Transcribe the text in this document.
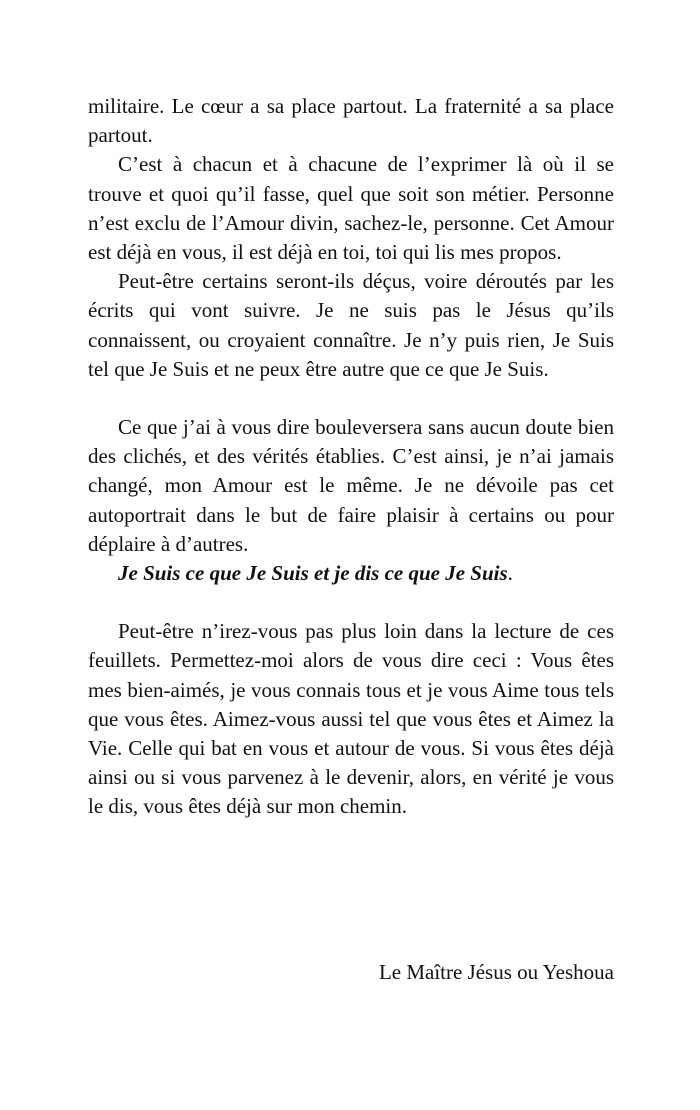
militaire. Le cœur a sa place partout. La fraternité a sa place partout.

C’est à chacun et à chacune de l’exprimer là où il se trouve et quoi qu’il fasse, quel que soit son métier. Personne n’est exclu de l’Amour divin, sachez-le, personne. Cet Amour est déjà en vous, il est déjà en toi, toi qui lis mes propos.

Peut-être certains seront-ils déçus, voire déroutés par les écrits qui vont suivre. Je ne suis pas le Jésus qu’ils connaissent, ou croyaient connaître. Je n’y puis rien, Je Suis tel que Je Suis et ne peux être autre que ce que Je Suis.

Ce que j’ai à vous dire bouleversera sans aucun doute bien des clichés, et des vérités établies. C’est ainsi, je n’ai jamais changé, mon Amour est le même. Je ne dévoile pas cet autoportrait dans le but de faire plaisir à certains ou pour déplaire à d’autres.

Je Suis ce que Je Suis et je dis ce que Je Suis.

Peut-être n’irez-vous pas plus loin dans la lecture de ces feuillets. Permettez-moi alors de vous dire ceci : Vous êtes mes bien-aimés, je vous connais tous et je vous Aime tous tels que vous êtes. Aimez-vous aussi tel que vous êtes et Aimez la Vie. Celle qui bat en vous et autour de vous. Si vous êtes déjà ainsi ou si vous parvenez à le devenir, alors, en vérité je vous le dis, vous êtes déjà sur mon chemin.

Le Maître Jésus ou Yeshoua
